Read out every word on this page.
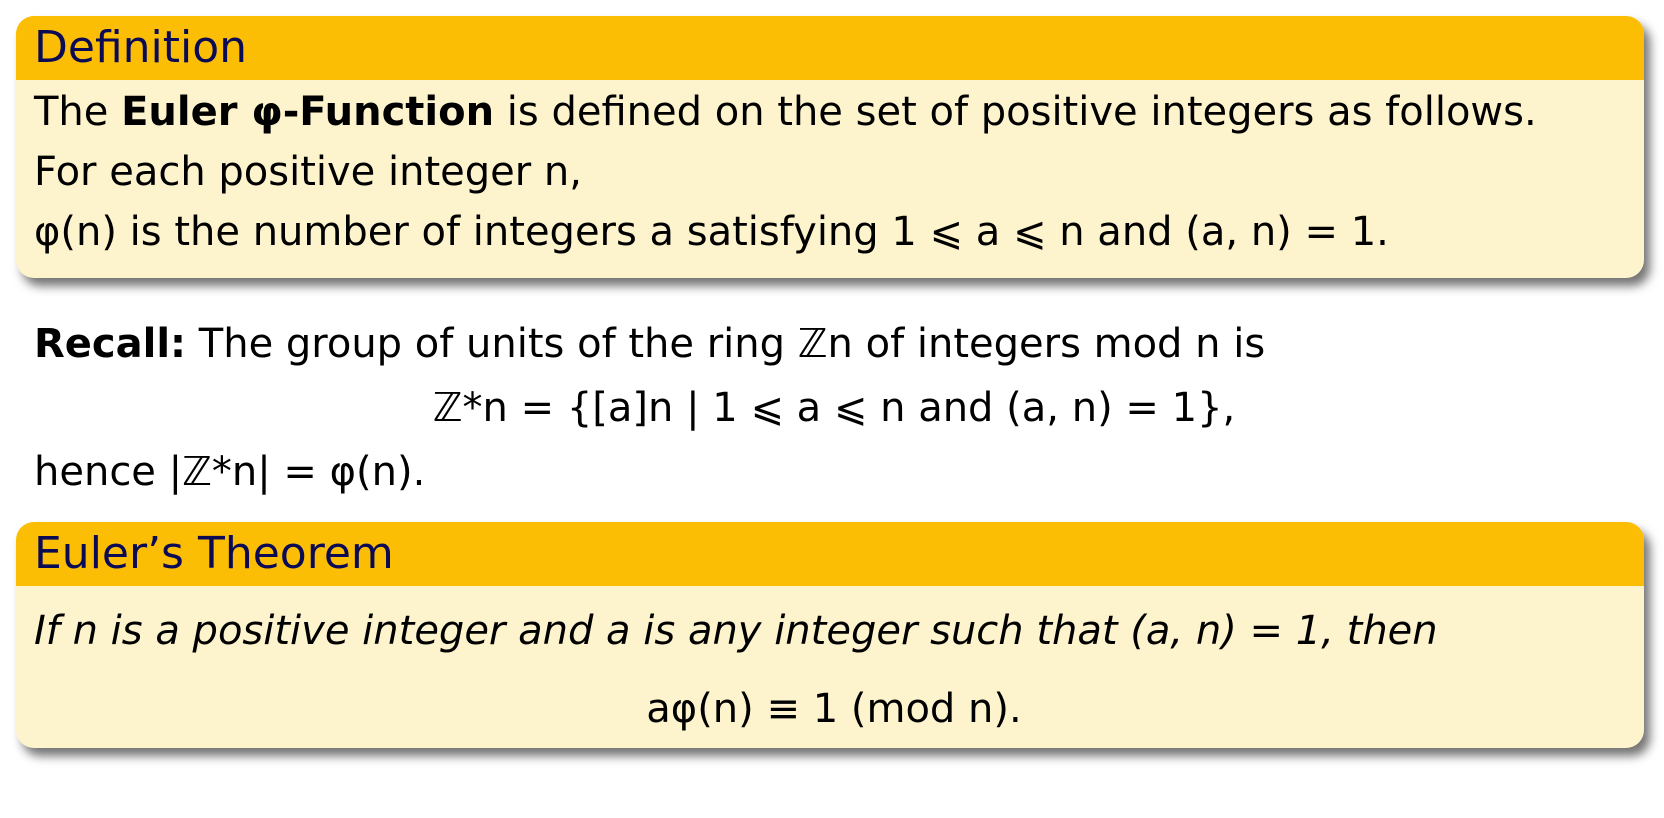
Definition
The Euler φ-Function is defined on the set of positive integers as follows.
For each positive integer n,
φ(n) is the number of integers a satisfying 1 ⩽ a ⩽ n and (a, n) = 1.
Recall: The group of units of the ring ℤn of integers mod n is
ℤ*n = {[a]n | 1 ⩽ a ⩽ n and (a, n) = 1},
hence |ℤ*n| = φ(n).
Euler’s Theorem
If n is a positive integer and a is any integer such that (a, n) = 1, then
aφ(n) ≡ 1 (mod n).
